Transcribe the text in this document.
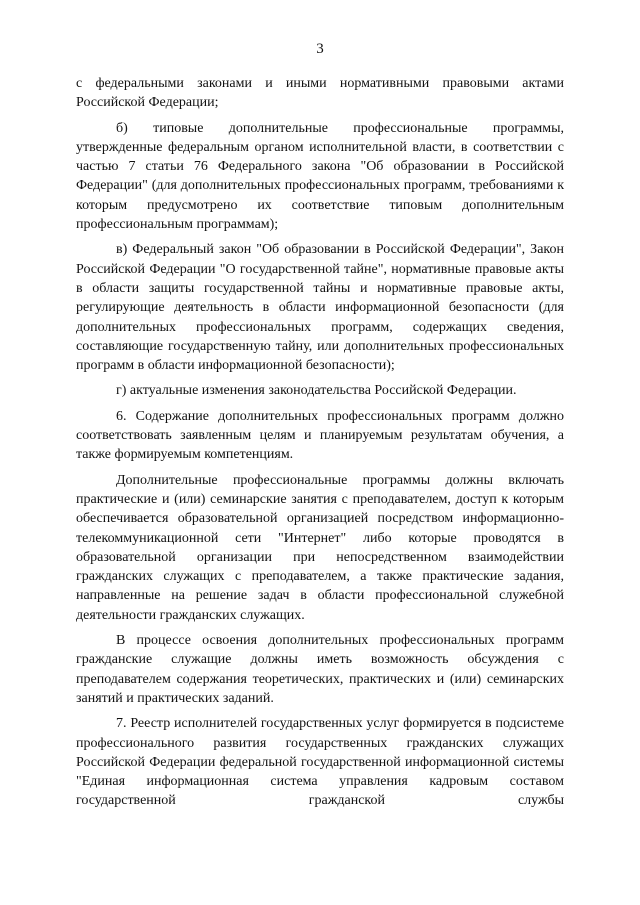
3

с федеральными законами и иными нормативными правовыми актами Российской Федерации;

б) типовые дополнительные профессиональные программы, утвержденные федеральным органом исполнительной власти, в соответствии с частью 7 статьи 76 Федерального закона "Об образовании в Российской Федерации" (для дополнительных профессиональных программ, требованиями к которым предусмотрено их соответствие типовым дополнительным профессиональным программам);

в) Федеральный закон "Об образовании в Российской Федерации", Закон Российской Федерации "О государственной тайне", нормативные правовые акты в области защиты государственной тайны и нормативные правовые акты, регулирующие деятельность в области информационной безопасности (для дополнительных профессиональных программ, содержащих сведения, составляющие государственную тайну, или дополнительных профессиональных программ в области информационной безопасности);

г) актуальные изменения законодательства Российской Федерации.

6. Содержание дополнительных профессиональных программ должно соответствовать заявленным целям и планируемым результатам обучения, а также формируемым компетенциям.

Дополнительные профессиональные программы должны включать практические и (или) семинарские занятия с преподавателем, доступ к которым обеспечивается образовательной организацией посредством информационно-телекоммуникационной сети "Интернет" либо которые проводятся в образовательной организации при непосредственном взаимодействии гражданских служащих с преподавателем, а также практические задания, направленные на решение задач в области профессиональной служебной деятельности гражданских служащих.

В процессе освоения дополнительных профессиональных программ гражданские служащие должны иметь возможность обсуждения с преподавателем содержания теоретических, практических и (или) семинарских занятий и практических заданий.

7. Реестр исполнителей государственных услуг формируется в подсистеме профессионального развития государственных гражданских служащих Российской Федерации федеральной государственной информационной системы "Единая информационная система управления кадровым составом государственной гражданской службы
